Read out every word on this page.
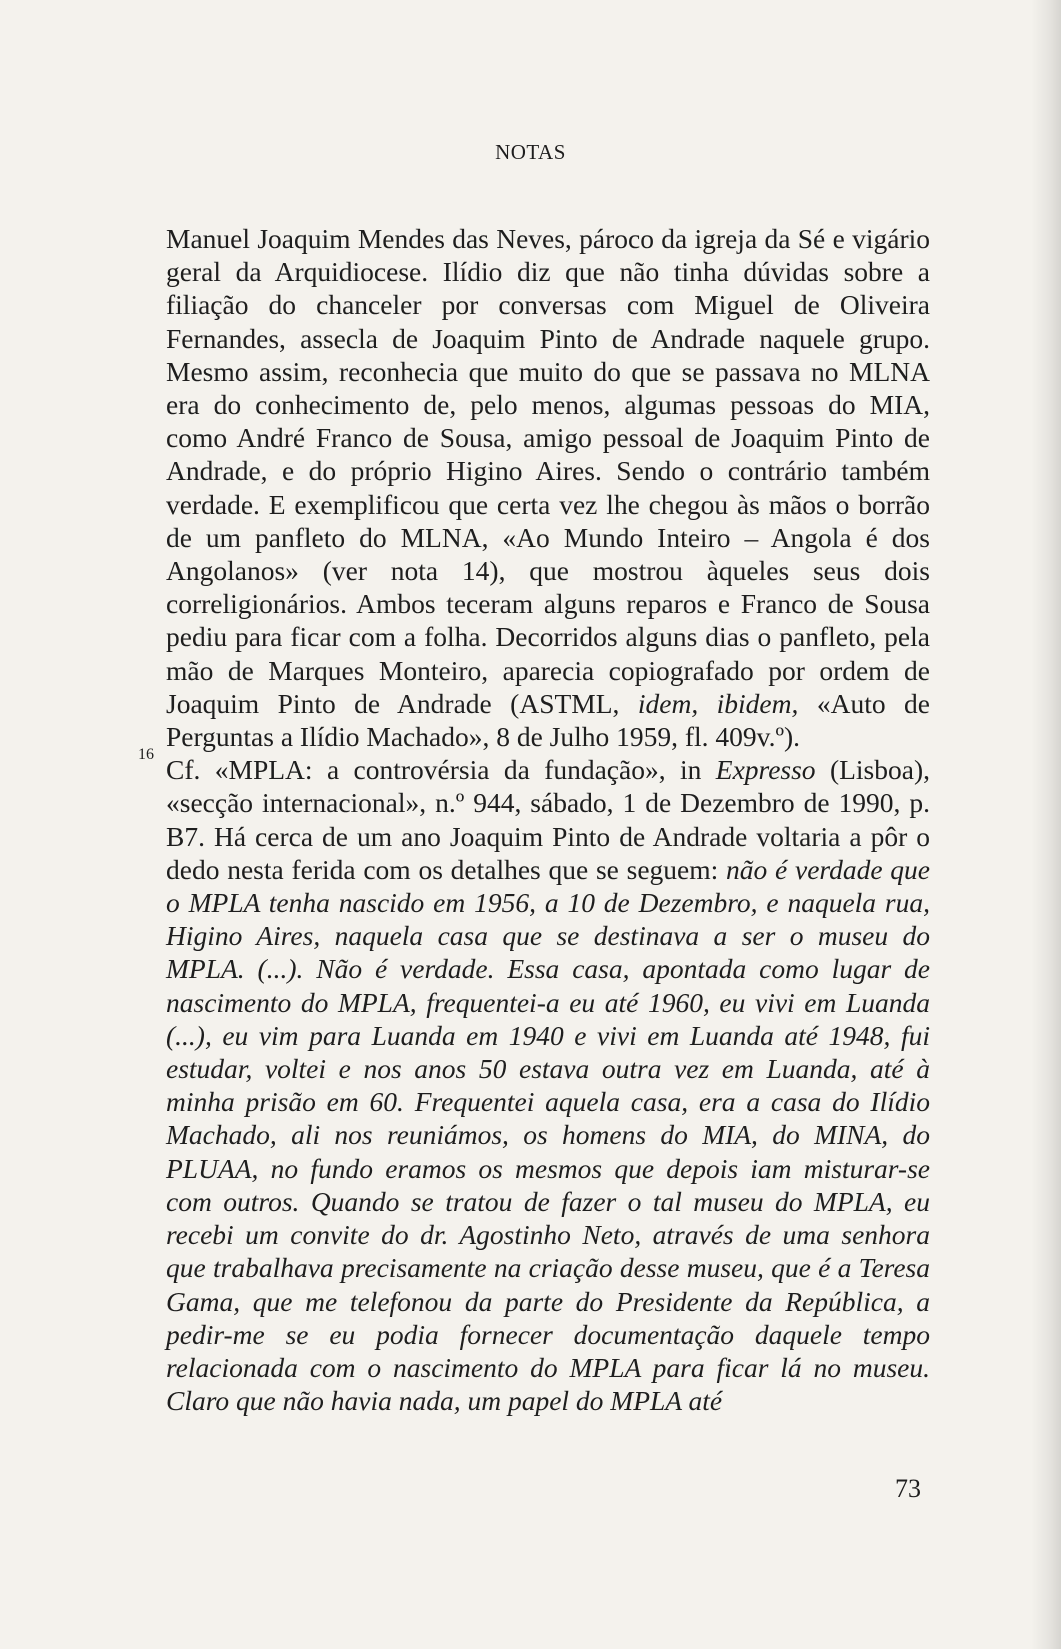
NOTAS

Manuel Joaquim Mendes das Neves, pároco da igreja da Sé e vigário geral da Arquidiocese. Ilídio diz que não tinha dúvidas sobre a filiação do chanceler por conversas com Miguel de Oliveira Fernandes, assecla de Joaquim Pinto de Andrade naquele grupo. Mesmo assim, reconhecia que muito do que se passava no MLNA era do conhecimento de, pelo menos, algumas pessoas do MIA, como André Franco de Sousa, amigo pessoal de Joaquim Pinto de Andrade, e do próprio Higino Aires. Sendo o contrário também verdade. E exemplificou que certa vez lhe chegou às mãos o borrão de um panfleto do MLNA, «Ao Mundo Inteiro – Angola é dos Angolanos» (ver nota 14), que mostrou àqueles seus dois correligionários. Ambos teceram alguns reparos e Franco de Sousa pediu para ficar com a folha. Decorridos alguns dias o panfleto, pela mão de Marques Monteiro, aparecia copiografado por ordem de Joaquim Pinto de Andrade (ASTML, idem, ibidem, «Auto de Perguntas a Ilídio Machado», 8 de Julho 1959, fl. 409v.º).

16 Cf. «MPLA: a controvérsia da fundação», in Expresso (Lisboa), «secção internacional», n.º 944, sábado, 1 de Dezembro de 1990, p. B7. Há cerca de um ano Joaquim Pinto de Andrade voltaria a pôr o dedo nesta ferida com os detalhes que se seguem: não é verdade que o MPLA tenha nascido em 1956, a 10 de Dezembro, e naquela rua, Higino Aires, naquela casa que se destinava a ser o museu do MPLA. (...). Não é verdade. Essa casa, apontada como lugar de nascimento do MPLA, frequentei-a eu até 1960, eu vivi em Luanda (...), eu vim para Luanda em 1940 e vivi em Luanda até 1948, fui estudar, voltei e nos anos 50 estava outra vez em Luanda, até à minha prisão em 60. Frequentei aquela casa, era a casa do Ilídio Machado, ali nos reuniámos, os homens do MIA, do MINA, do PLUAA, no fundo eramos os mesmos que depois iam misturar-se com outros. Quando se tratou de fazer o tal museu do MPLA, eu recebi um convite do dr. Agostinho Neto, através de uma senhora que trabalhava precisamente na criação desse museu, que é a Teresa Gama, que me telefonou da parte do Presidente da República, a pedir-me se eu podia fornecer documentação daquele tempo relacionada com o nascimento do MPLA para ficar lá no museu. Claro que não havia nada, um papel do MPLA até

73
